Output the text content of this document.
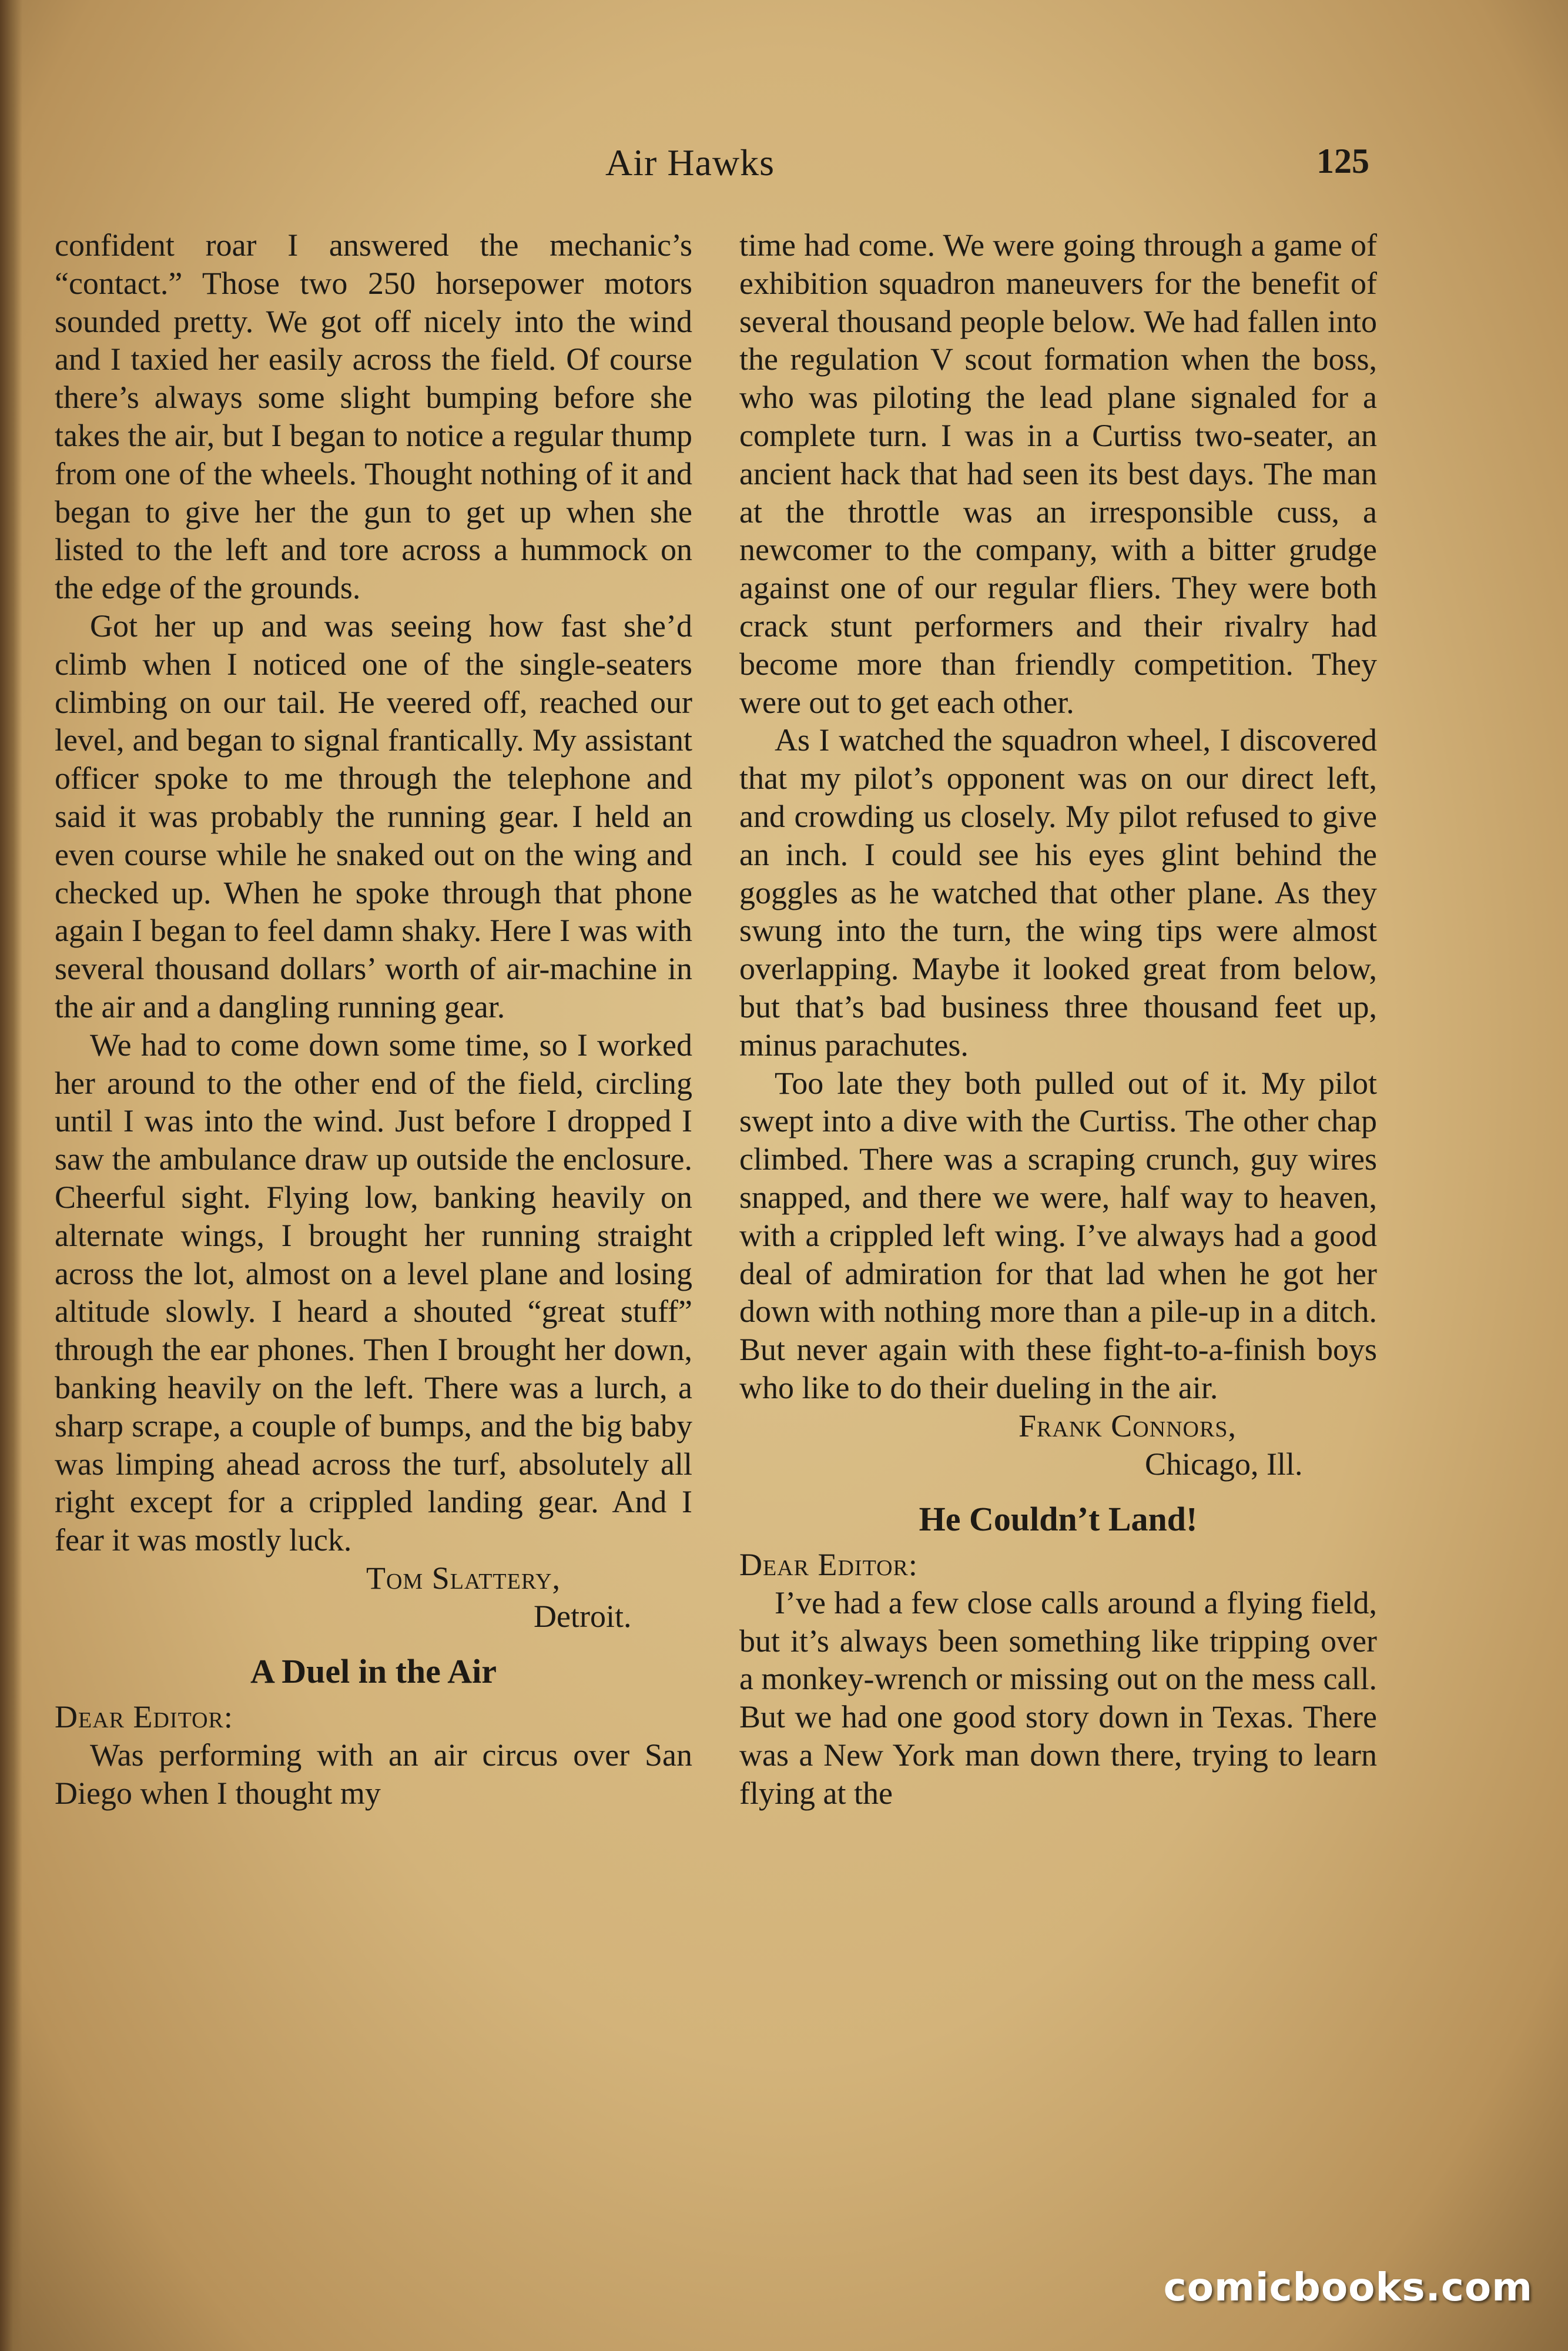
Air Hawks	125

confident roar I answered the mechanic’s “contact.” Those two 250 horsepower motors sounded pretty. We got off nicely into the wind and I taxied her easily across the field. Of course there’s always some slight bumping before she takes the air, but I began to notice a regular thump from one of the wheels. Thought nothing of it and began to give her the gun to get up when she listed to the left and tore across a hummock on the edge of the grounds.

Got her up and was seeing how fast she’d climb when I noticed one of the single-seaters climbing on our tail. He veered off, reached our level, and began to signal frantically. My assistant officer spoke to me through the telephone and said it was probably the running gear. I held an even course while he snaked out on the wing and checked up. When he spoke through that phone again I began to feel damn shaky. Here I was with several thousand dollars’ worth of air-machine in the air and a dangling running gear.

We had to come down some time, so I worked her around to the other end of the field, circling until I was into the wind. Just before I dropped I saw the ambulance draw up outside the enclosure. Cheerful sight. Flying low, banking heavily on alternate wings, I brought her running straight across the lot, almost on a level plane and losing altitude slowly. I heard a shouted “great stuff” through the ear phones. Then I brought her down, banking heavily on the left. There was a lurch, a sharp scrape, a couple of bumps, and the big baby was limping ahead across the turf, absolutely all right except for a crippled landing gear. And I fear it was mostly luck.

Tom Slattery,
Detroit.
A Duel in the Air

Dear Editor:

Was performing with an air circus over San Diego when I thought my

time had come. We were going through a game of exhibition squadron maneuvers for the benefit of several thousand people below. We had fallen into the regulation V scout formation when the boss, who was piloting the lead plane signaled for a complete turn. I was in a Curtiss two-seater, an ancient hack that had seen its best days. The man at the throttle was an irresponsible cuss, a newcomer to the company, with a bitter grudge against one of our regular fliers. They were both crack stunt performers and their rivalry had become more than friendly competition. They were out to get each other.

As I watched the squadron wheel, I discovered that my pilot’s opponent was on our direct left, and crowding us closely. My pilot refused to give an inch. I could see his eyes glint behind the goggles as he watched that other plane. As they swung into the turn, the wing tips were almost overlapping. Maybe it looked great from below, but that’s bad business three thousand feet up, minus parachutes.

Too late they both pulled out of it. My pilot swept into a dive with the Curtiss. The other chap climbed. There was a scraping crunch, guy wires snapped, and there we were, half way to heaven, with a crippled left wing. I’ve always had a good deal of admiration for that lad when he got her down with nothing more than a pile-up in a ditch. But never again with these fight-to-a-finish boys who like to do their dueling in the air.

Frank Connors,
Chicago, Ill.
He Couldn’t Land!

Dear Editor:

I’ve had a few close calls around a flying field, but it’s always been something like tripping over a monkey-wrench or missing out on the mess call. But we had one good story down in Texas. There was a New York man down there, trying to learn flying at the

comicbooks.com
